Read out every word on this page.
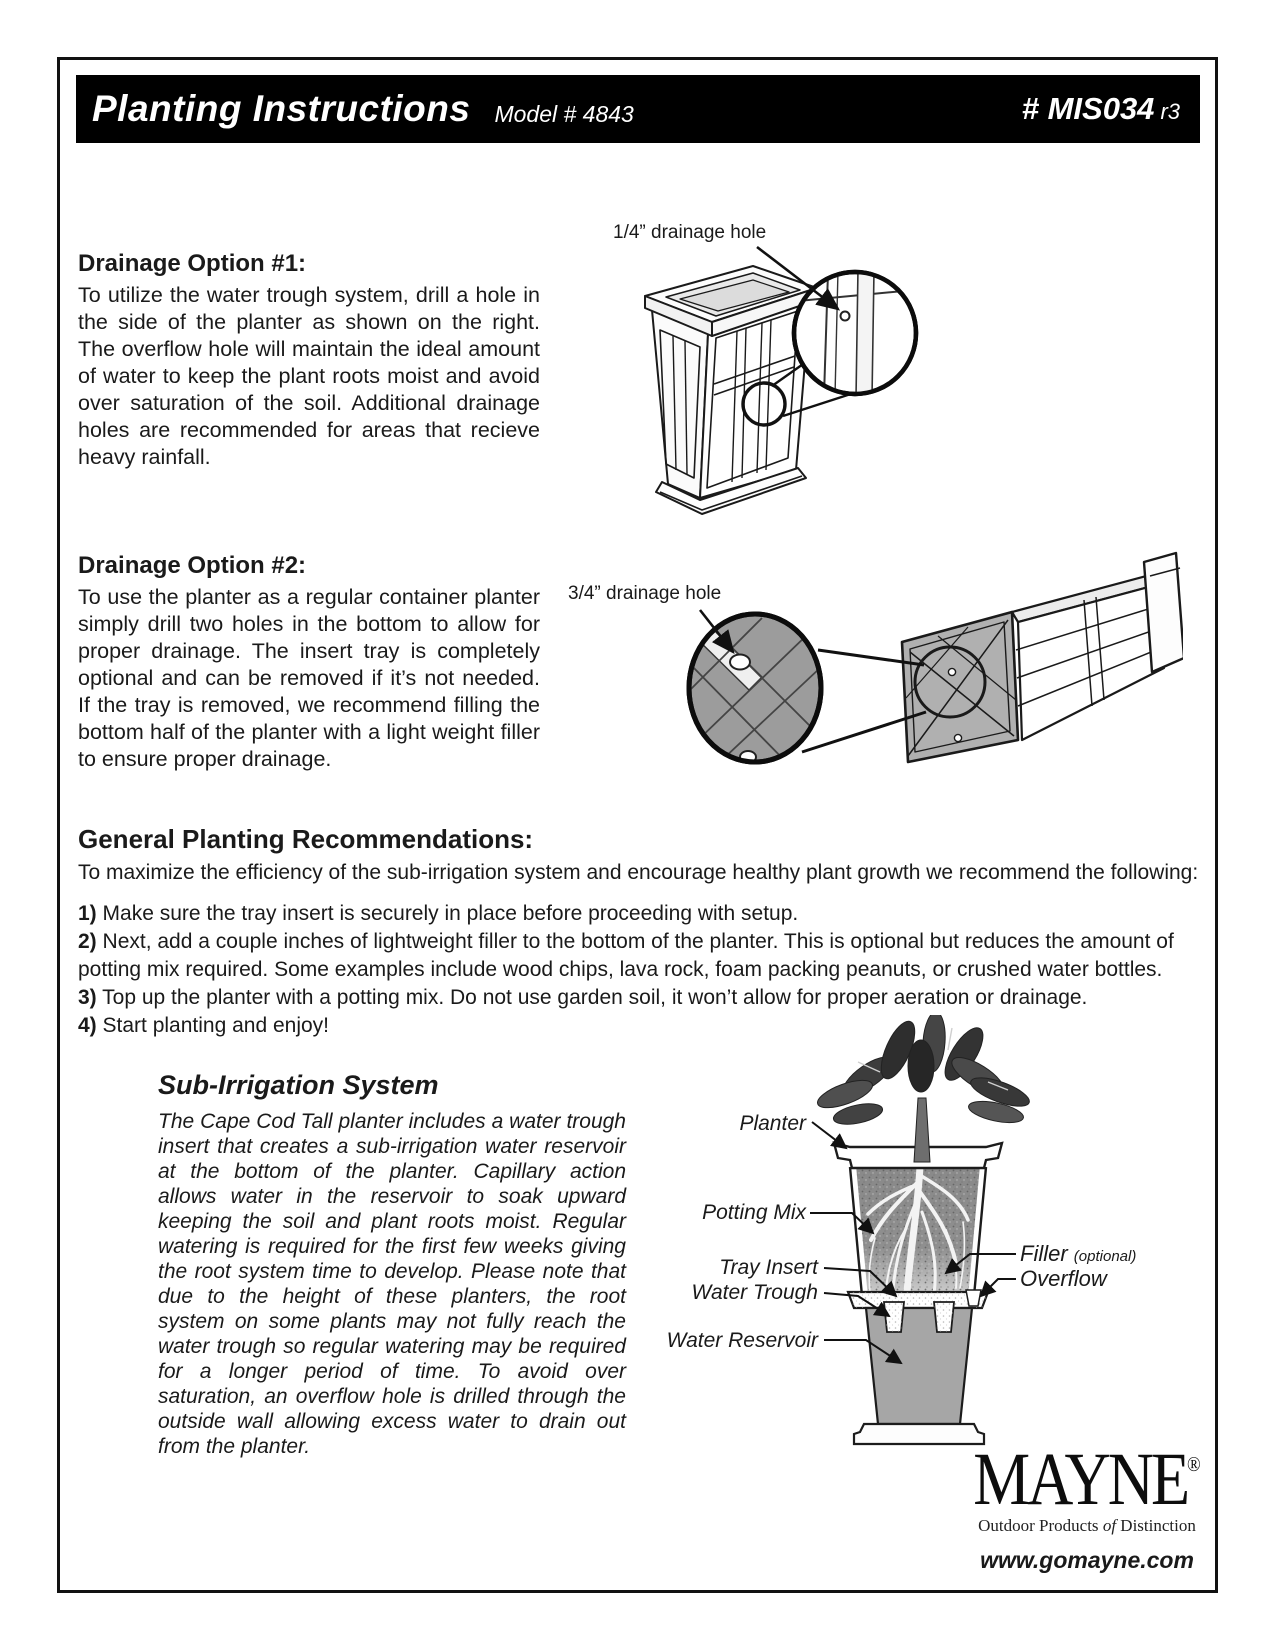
Planting Instructions Model # 4843	# MIS034 r3
Drainage Option #1:

To utilize the water trough system, drill a hole in the side of the planter as shown on the right. The overflow hole will maintain the ideal amount of water to keep the plant roots moist and avoid over saturation of the soil. Additional drainage holes are recommended for areas that recieve heavy rainfall.

1/4” drainage hole
Drainage Option #2:

To use the planter as a regular container planter simply drill two holes in the bottom to allow for proper drainage. The insert tray is completely optional and can be removed if it’s not needed. If the tray is removed, we recommend filling the bottom half of the planter with a light weight filler to ensure proper drainage.

3/4” drainage hole
General Planting Recommendations:

To maximize the efficiency of the sub-irrigation system and encourage healthy plant growth we recommend the following:

1) Make sure the tray insert is securely in place before proceeding with setup.
2) Next, add a couple inches of lightweight filler to the bottom of the planter. This is optional but reduces the amount of potting mix required. Some examples include wood chips, lava rock, foam packing peanuts, or crushed water bottles.
3) Top up the planter with a potting mix. Do not use garden soil, it won’t allow for proper aeration or drainage.
4) Start planting and enjoy!
Sub-Irrigation System

The Cape Cod Tall planter includes a water trough insert that creates a sub-irrigation water reservoir at the bottom of the planter. Capillary action allows water in the reservoir to soak upward keeping the soil and plant roots moist. Regular watering is required for the first few weeks giving the root system time to develop. Please note that due to the height of these planters, the root system on some plants may not fully reach the water trough so regular watering may be required for a longer period of time. To avoid over saturation, an overflow hole is drilled through the outside wall allowing excess water to drain out from the planter.

Planter
Potting Mix
Tray Insert
Water Trough
Water Reservoir
Filler (optional)
Overflow
MAYNE®
Outdoor Products of Distinction
www.gomayne.com
